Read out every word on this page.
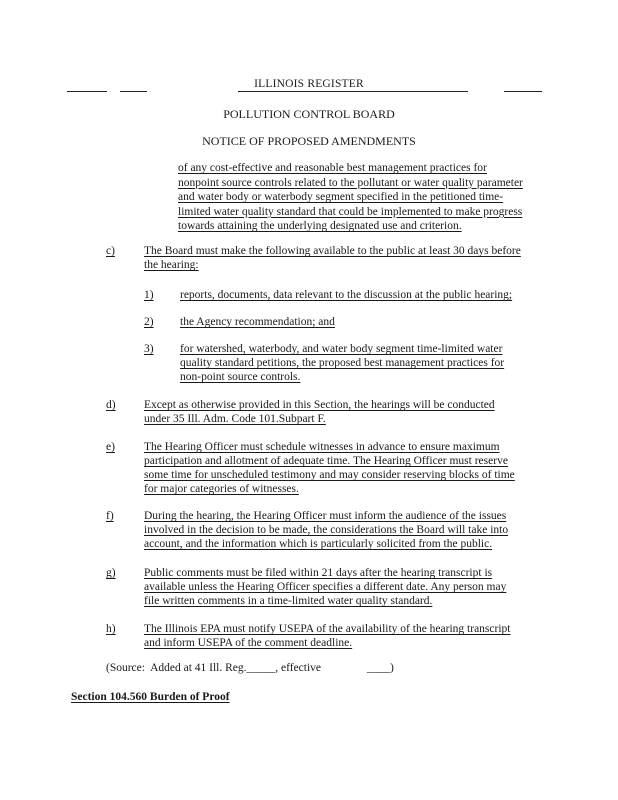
ILLINOIS REGISTER
POLLUTION CONTROL BOARD
NOTICE OF PROPOSED AMENDMENTS
of any cost-effective and reasonable best management practices for
nonpoint source controls related to the pollutant or water quality parameter
and water body or waterbody segment specified in the petitioned time-
limited water quality standard that could be implemented to make progress
towards attaining the underlying designated use and criterion.
c)	The Board must make the following available to the public at least 30 days before
the hearing:
1)	reports, documents, data relevant to the discussion at the public hearing;
2)	the Agency recommendation; and
3)	for watershed, waterbody, and water body segment time-limited water
quality standard petitions, the proposed best management practices for
non-point source controls.
d)	Except as otherwise provided in this Section, the hearings will be conducted
under 35 Ill. Adm. Code 101.Subpart F.
e)	The Hearing Officer must schedule witnesses in advance to ensure maximum
participation and allotment of adequate time. The Hearing Officer must reserve
some time for unscheduled testimony and may consider reserving blocks of time
for major categories of witnesses.
f)	During the hearing, the Hearing Officer must inform the audience of the issues
involved in the decision to be made, the considerations the Board will take into
account, and the information which is particularly solicited from the public.
g)	Public comments must be filed within 21 days after the hearing transcript is
available unless the Hearing Officer specifies a different date. Any person may
file written comments in a time-limited water quality standard.
h)	The Illinois EPA must notify USEPA of the availability of the hearing transcript
and inform USEPA of the comment deadline.
(Source:  Added at 41 Ill. Reg._____, effective                ____)
Section 104.560 Burden of Proof
